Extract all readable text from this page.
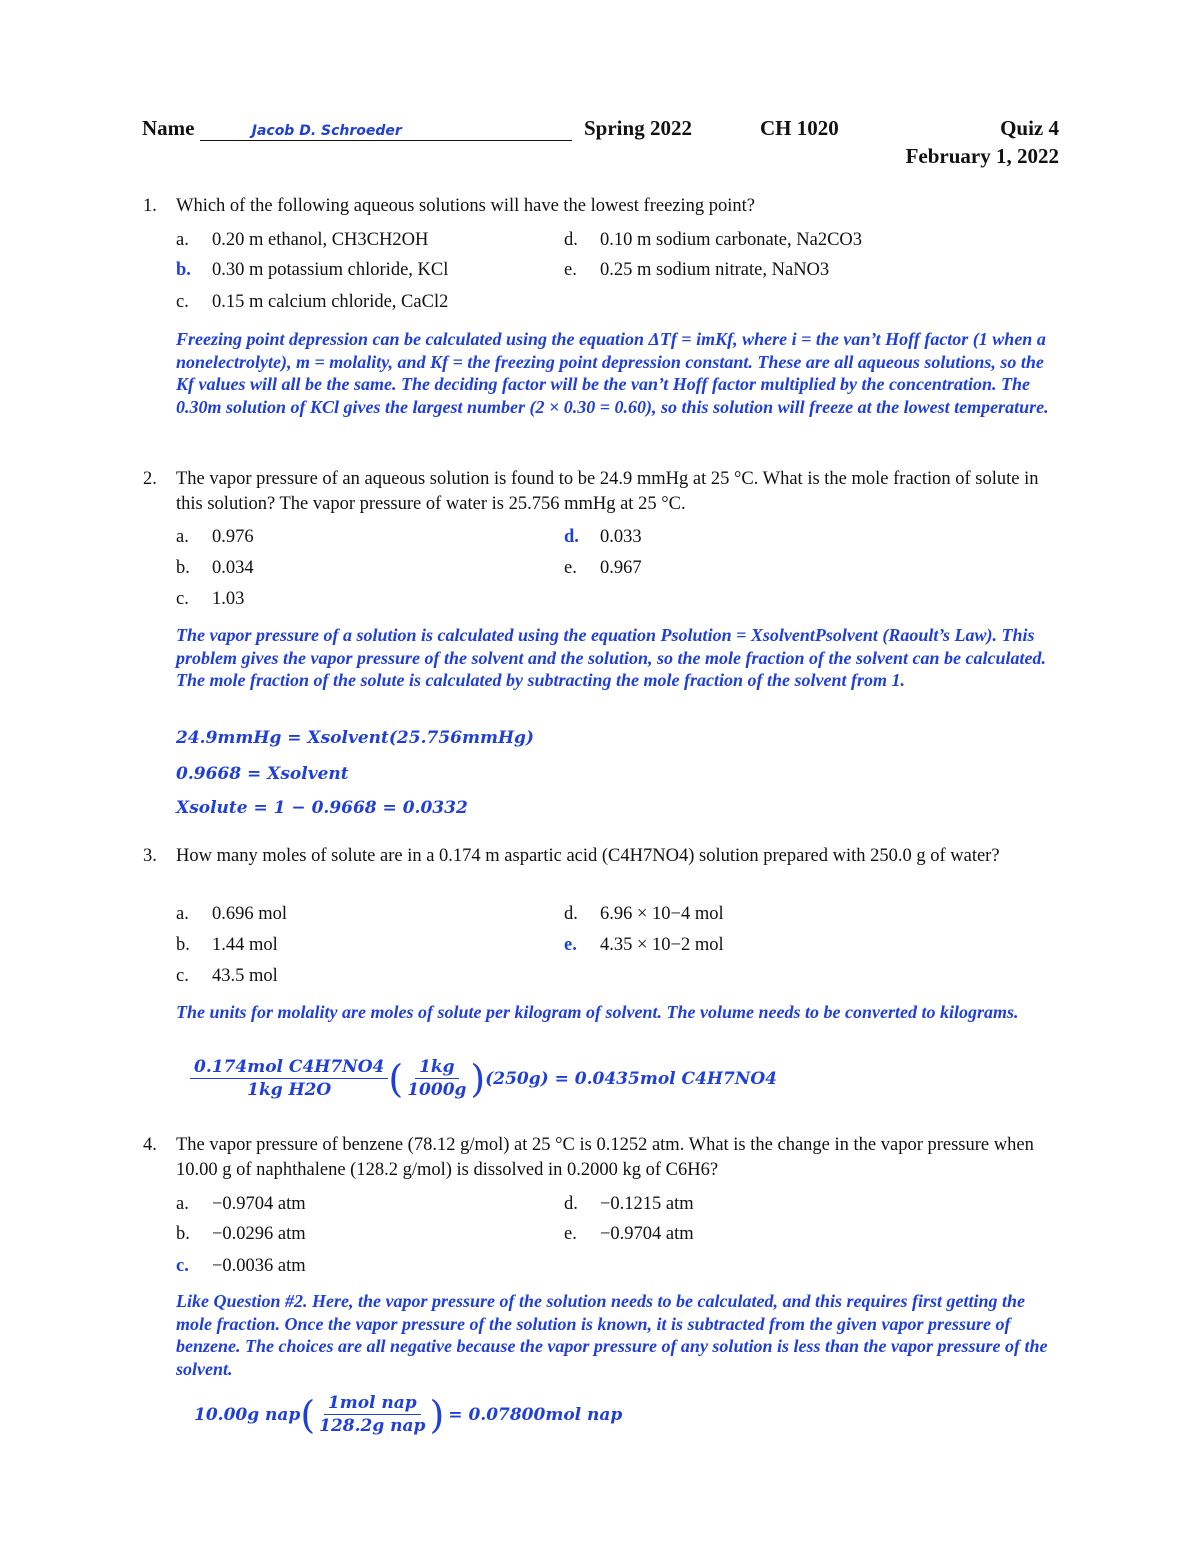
Name	Jacob D. Schroeder	Spring 2022	CH 1020	Quiz 4
February 1, 2022
1. Which of the following aqueous solutions will have the lowest freezing point?
a. 0.20 m ethanol, CH3CH2OH
b. 0.30 m potassium chloride, KCl
c. 0.15 m calcium chloride, CaCl2
d. 0.10 m sodium carbonate, Na2CO3
e. 0.25 m sodium nitrate, NaNO3
Freezing point depression can be calculated using the equation ΔTf = imKf, where i = the van’t Hoff factor (1 when a nonelectrolyte), m = molality, and Kf = the freezing point depression constant. These are all aqueous solutions, so the Kf values will all be the same. The deciding factor will be the van’t Hoff factor multiplied by the concentration. The 0.30m solution of KCl gives the largest number (2 × 0.30 = 0.60), so this solution will freeze at the lowest temperature.
2. The vapor pressure of an aqueous solution is found to be 24.9 mmHg at 25 °C. What is the mole fraction of solute in this solution? The vapor pressure of water is 25.756 mmHg at 25 °C.
a. 0.976
b. 0.034
c. 1.03
d. 0.033
e. 0.967
The vapor pressure of a solution is calculated using the equation Psolution = XsolventPsolvent (Raoult’s Law). This problem gives the vapor pressure of the solvent and the solution, so the mole fraction of the solvent can be calculated. The mole fraction of the solute is calculated by subtracting the mole fraction of the solvent from 1.
24.9mmHg = Xsolvent(25.756mmHg)
0.9668 = Xsolvent
Xsolute = 1 − 0.9668 = 0.0332
3. How many moles of solute are in a 0.174 m aspartic acid (C4H7NO4) solution prepared with 250.0 g of water?
a. 0.696 mol
b. 1.44 mol
c. 43.5 mol
d. 6.96 × 10−4 mol
e. 4.35 × 10−2 mol
The units for molality are moles of solute per kilogram of solvent. The volume needs to be converted to kilograms.
$\frac{\text{0.174mol C4H7NO4}}{\text{1kg H2O}}$ ( $\frac{1kg}{1000g}$ ) (250g) = 0.0435mol C4H7NO4
4. The vapor pressure of benzene (78.12 g/mol) at 25 °C is 0.1252 atm. What is the change in the vapor pressure when 10.00 g of naphthalene (128.2 g/mol) is dissolved in 0.2000 kg of C6H6?
a. −0.9704 atm
b. −0.0296 atm
c. −0.0036 atm
d. −0.1215 atm
e. −0.9704 atm
Like Question #2. Here, the vapor pressure of the solution needs to be calculated, and this requires first getting the mole fraction. Once the vapor pressure of the solution is known, it is subtracted from the given vapor pressure of benzene. The choices are all negative because the vapor pressure of any solution is less than the vapor pressure of the solvent.
10.00g nap ( $\frac{\text{1mol nap}}{\text{128.2g nap}}$ ) = 0.07800mol nap
